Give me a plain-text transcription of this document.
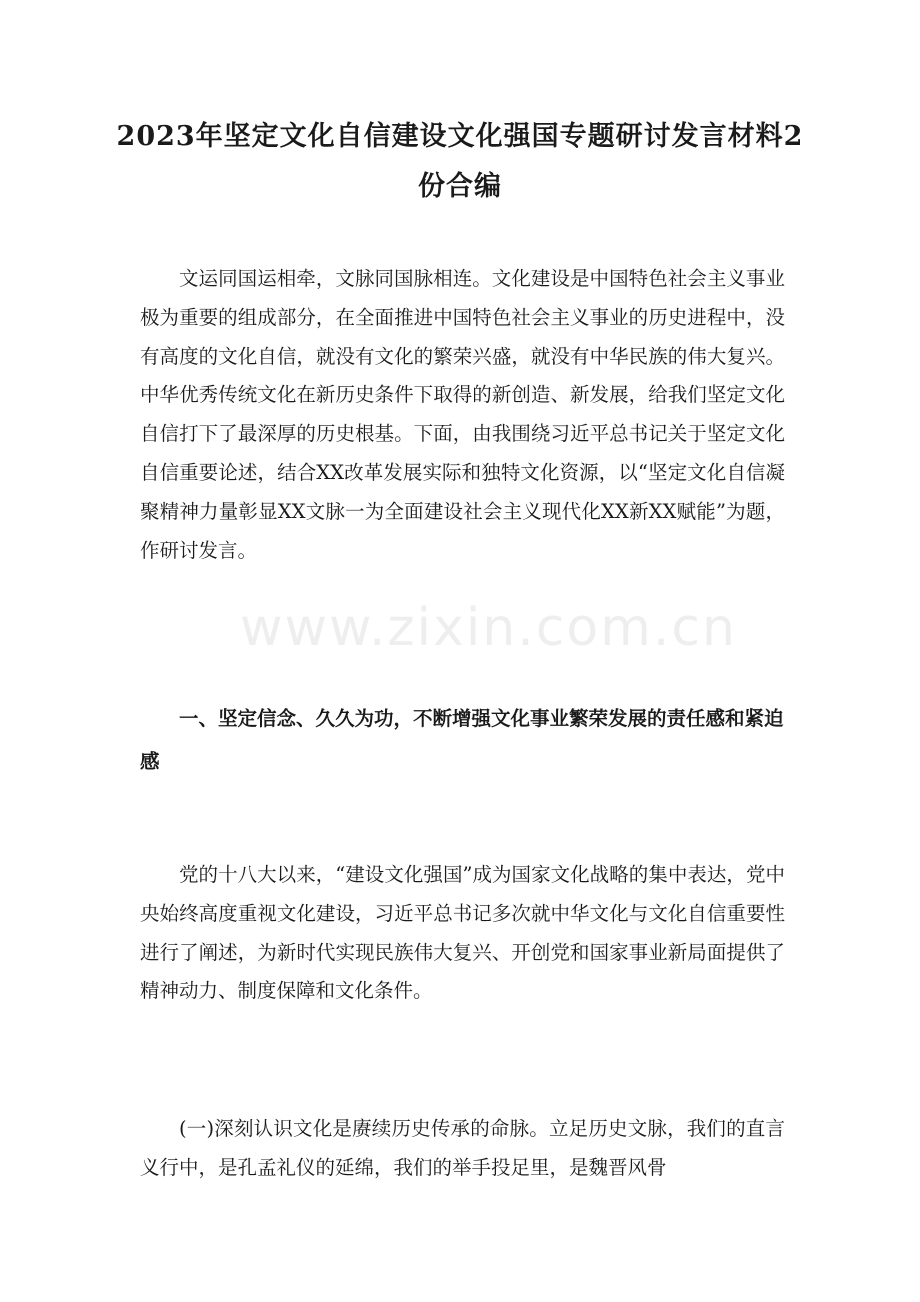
2023年坚定文化自信建设文化强国专题研讨发言材料2份合编

文运同国运相牵，文脉同国脉相连。文化建设是中国特色社会主义事业极为重要的组成部分，在全面推进中国特色社会主义事业的历史进程中，没有高度的文化自信，就没有文化的繁荣兴盛，就没有中华民族的伟大复兴。中华优秀传统文化在新历史条件下取得的新创造、新发展，给我们坚定文化自信打下了最深厚的历史根基。下面，由我围绕习近平总书记关于坚定文化自信重要论述，结合XX改革发展实际和独特文化资源，以“坚定文化自信凝聚精神力量彰显XX文脉一为全面建设社会主义现代化XX新XX赋能”为题，作研讨发言。

www.zixin.com.cn
一、坚定信念、久久为功，不断增强文化事业繁荣发展的责任感和紧迫感

党的十八大以来，“建设文化强国”成为国家文化战略的集中表达，党中央始终高度重视文化建设，习近平总书记多次就中华文化与文化自信重要性进行了阐述，为新时代实现民族伟大复兴、开创党和国家事业新局面提供了精神动力、制度保障和文化条件。

(一)深刻认识文化是赓续历史传承的命脉。立足历史文脉，我们的直言义行中，是孔孟礼仪的延绵，我们的举手投足里，是魏晋风骨
